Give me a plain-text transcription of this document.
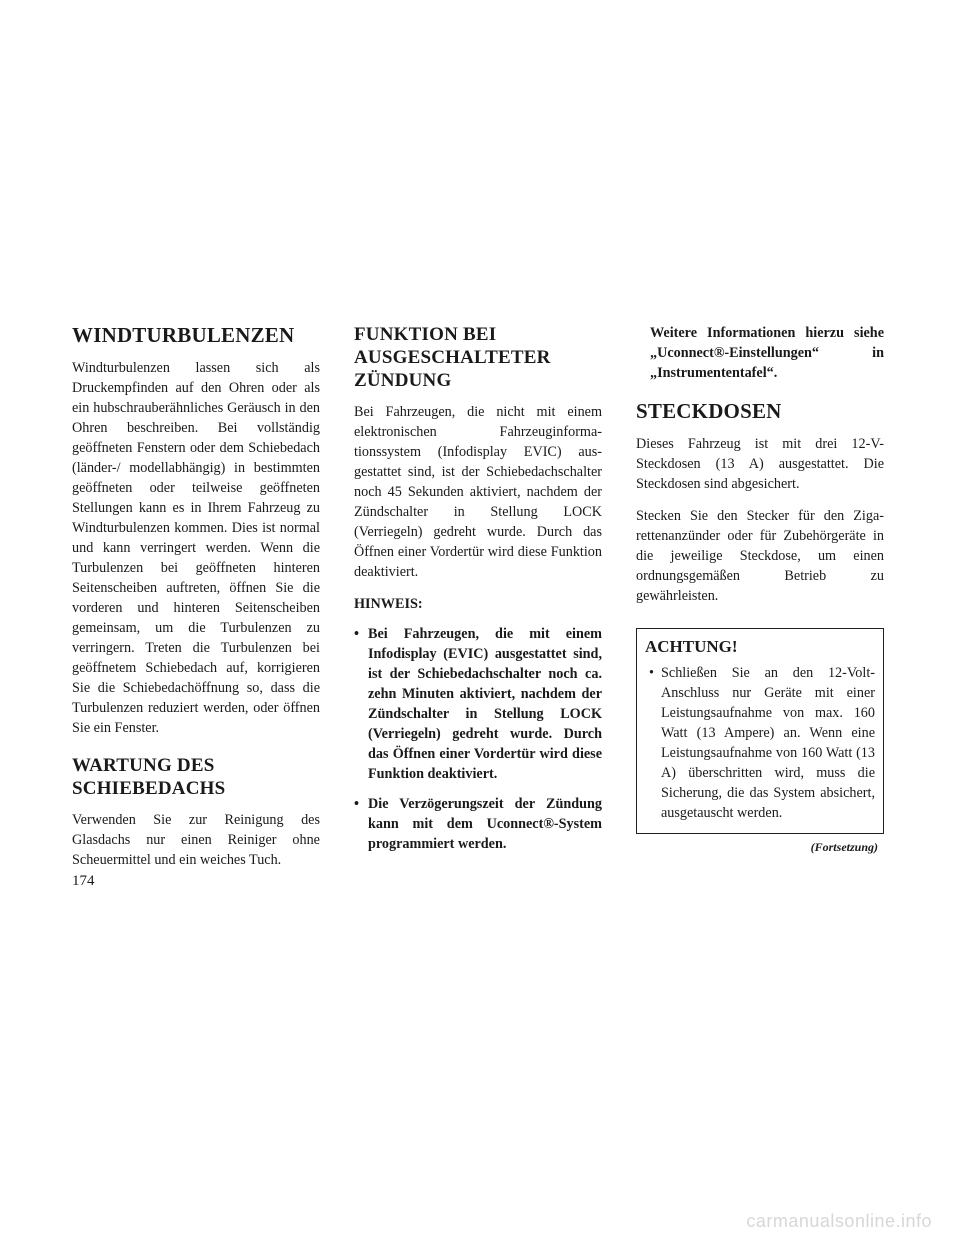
WINDTURBULENZEN

Windturbulenzen lassen sich als Druckempfinden auf den Ohren oder als ein hubschrauberähnliches Geräusch in den Ohren beschreiben. Bei vollständig geöffneten Fenstern oder dem Schiebedach (länder-/ modellabhängig) in bestimmten geöffneten oder teilweise geöffneten Stellungen kann es in Ihrem Fahrzeug zu Windturbulenzen kommen. Dies ist normal und kann verringert werden. Wenn die Turbulenzen bei geöffneten hinteren Seitenscheiben auftreten, öffnen Sie die vorderen und hinteren Seitenscheiben gemeinsam, um die Turbulenzen zu verringern. Treten die Turbulenzen bei geöffnetem Schiebedach auf, korrigieren Sie die Schiebedachöffnung so, dass die Turbulenzen reduziert werden, oder öffnen Sie ein Fenster.

WARTUNG DES SCHIEBEDACHS

Verwenden Sie zur Reinigung des Glasdachs nur einen Reiniger ohne Scheuermittel und ein weiches Tuch.

FUNKTION BEI AUSGESCHALTETER ZÜNDUNG

Bei Fahrzeugen, die nicht mit einem elektronischen Fahrzeuginformationssystem (Infodisplay EVIC) ausgestattet sind, ist der Schiebedachschalter noch 45 Sekunden aktiviert, nachdem der Zündschalter in Stellung LOCK (Verriegeln) gedreht wurde. Durch das Öffnen einer Vordertür wird diese Funktion deaktiviert.

HINWEIS:
• Bei Fahrzeugen, die mit einem Infodisplay (EVIC) ausgestattet sind, ist der Schiebedachschalter noch ca. zehn Minuten aktiviert, nachdem der Zündschalter in Stellung LOCK (Verriegeln) gedreht wurde. Durch das Öffnen einer Vordertür wird diese Funktion deaktiviert.
• Die Verzögerungszeit der Zündung kann mit dem Uconnect®-System programmiert werden.
Weitere Informationen hierzu siehe „Uconnect®-Einstellungen“ in „Instrumententafel“.
STECKDOSEN

Dieses Fahrzeug ist mit drei 12-V-Steckdosen (13 A) ausgestattet. Die Steckdosen sind abgesichert.

Stecken Sie den Stecker für den Zigarettenanzünder oder für Zubehörgeräte in die jeweilige Steckdose, um einen ordnungsgemäßen Betrieb zu gewährleisten.

ACHTUNG!
• Schließen Sie an den 12-Volt-Anschluss nur Geräte mit einer Leistungsaufnahme von max. 160 Watt (13 Ampere) an. Wenn eine Leistungsaufnahme von 160 Watt (13 A) überschritten wird, muss die Sicherung, die das System absichert, ausgetauscht werden.
(Fortsetzung)
174
carmanualsonline.info
